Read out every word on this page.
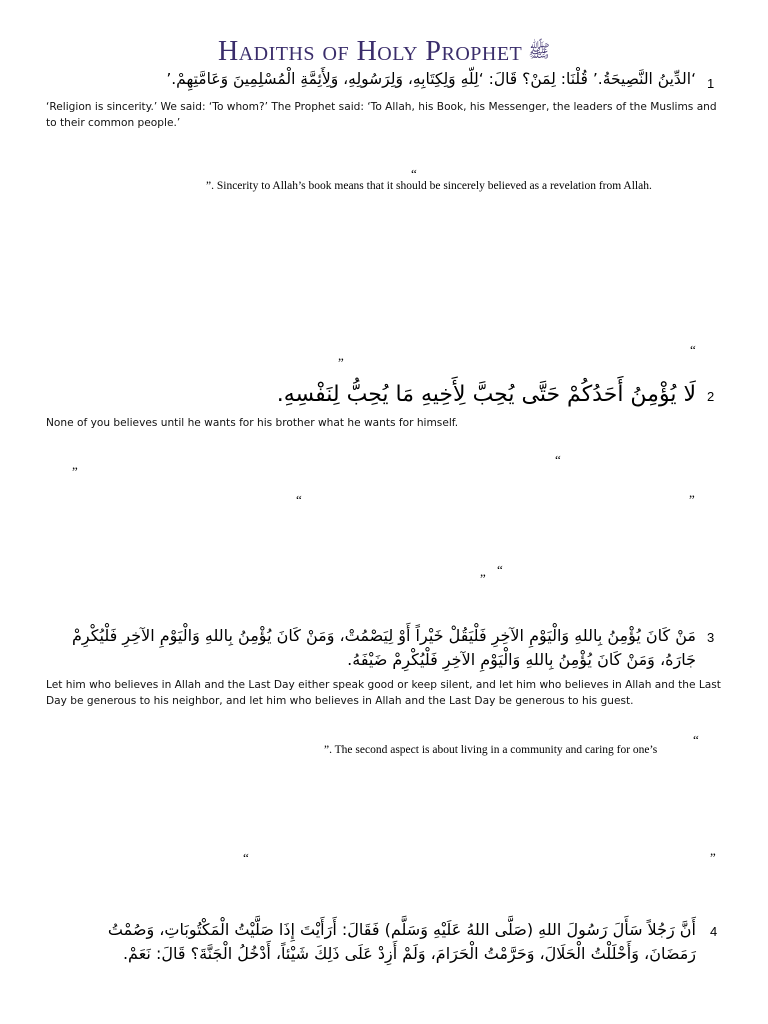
Hadiths of Holy Prophet ﷺ
1
‘الدِّينُ النَّصِيحَةُ.’ قُلْنَا: لِمَنْ؟ قَالَ: ‘لِلّهِ وَلِكِتَابِهِ، وَلِرَسُولِهِ، وَلِأَئِمَّةِ الْمُسْلِمِينَ وَعَامَّتِهِمْ.’
‘Religion is sincerity.’ We said: ‘To whom?’ The Prophet said: ‘To Allah, his Book, his Messenger, the leaders of the Muslims and to their common people.’
“
”. Sincerity to Allah’s book means that it should be sincerely believed as a revelation from Allah.
“
”
2
لَا يُؤْمِنُ أَحَدُكُمْ حَتَّى يُحِبَّ لِأَخِيهِ مَا يُحِبُّ لِنَفْسِهِ.
None of you believes until he wants for his brother what he wants for himself.
“
”
“	”
“
”
3
مَنْ كَانَ يُؤْمِنُ بِاللهِ وَالْيَوْمِ الآخِرِ فَلْيَقُلْ خَيْراً أَوْ لِيَصْمُتْ، وَمَنْ كَانَ يُؤْمِنُ بِاللهِ وَالْيَوْمِ الآخِرِ فَلْيُكْرِمْ جَارَهُ، وَمَنْ كَانَ يُؤْمِنُ بِاللهِ وَالْيَوْمِ الآخِرِ فَلْيُكْرِمْ ضَيْفَهُ.
Let him who believes in Allah and the Last Day either speak good or keep silent, and let him who believes in Allah and the Last Day be generous to his neighbor, and let him who believes in Allah and the Last Day be generous to his guest.
“
”. The second aspect is about living in a community and caring for one’s
“	”
4
أَنَّ رَجُلاً سَأَلَ رَسُولَ اللهِ (صَلَّى اللهُ عَلَيْهِ وَسَلَّم) فَقَالَ: أَرَأَيْتَ إِذَا صَلَّيْتُ الْمَكْتُوبَاتِ، وَصُمْتُ رَمَضَانَ، وَأَحْلَلْتُ الْحَلَالَ، وَحَرَّمْتُ الْحَرَامَ، وَلَمْ أَزِدْ عَلَى ذَلِكَ شَيْئاً، أَدْخُلُ الْجَنَّةَ؟ قَالَ: نَعَمْ.
